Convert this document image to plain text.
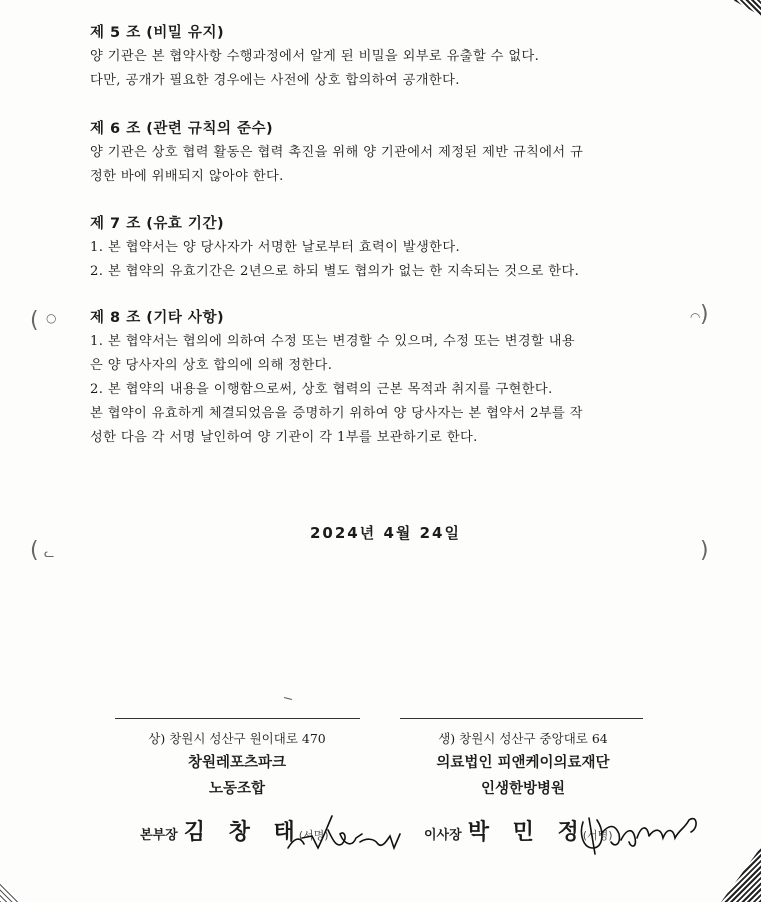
( ○
( ᓚ
)
)
◠
제 5 조 (비밀 유지)

양 기관은 본 협약사항 수행과정에서 알게 된 비밀을 외부로 유출할 수 없다.

다만, 공개가 필요한 경우에는 사전에 상호 합의하여 공개한다.

제 6 조 (관련 규칙의 준수)

양 기관은 상호 협력 활동은 협력 촉진을 위해 양 기관에서 제정된 제반 규칙에서 규

정한 바에 위배되지 않아야 한다.

제 7 조 (유효 기간)

1. 본 협약서는 양 당사자가 서명한 날로부터 효력이 발생한다.

2. 본 협약의 유효기간은 2년으로 하되 별도 협의가 없는 한 지속되는 것으로 한다.

제 8 조 (기타 사항)

1. 본 협약서는 협의에 의하여 수정 또는 변경할 수 있으며, 수정 또는 변경할 내용

은 양 당사자의 상호 합의에 의해 정한다.

2. 본 협약의 내용을 이행함으로써, 상호 협력의 근본 목적과 취지를 구현한다.

본 협약이 유효하게 체결되었음을 증명하기 위하여 양 당사자는 본 협약서 2부를 작

성한 다음 각 서명 날인하여 양 기관이 각 1부를 보관하기로 한다.

2024년 4월 24일
상) 창원시 성산구 원이대로 470
창원레포츠파크
노동조합
생) 창원시 성산구 중앙대로 64
의료법인 피앤케이의료재단
인생한방병원
본부장 김 창 태
(서명)	이사장 박 민 정
(서명)
